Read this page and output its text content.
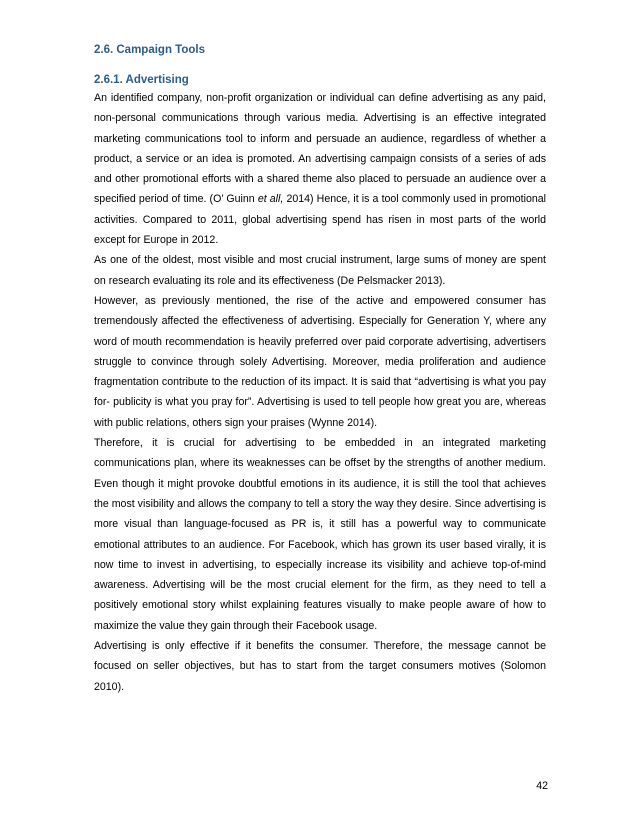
2.6. Campaign Tools
2.6.1. Advertising

An identified company, non-profit organization or individual can define advertising as any paid, non-personal communications through various media. Advertising is an effective integrated marketing communications tool to inform and persuade an audience, regardless of whether a product, a service or an idea is promoted. An advertising campaign consists of a series of ads and other promotional efforts with a shared theme also placed to persuade an audience over a specified period of time. (O’ Guinn et all, 2014) Hence, it is a tool commonly used in promotional activities. Compared to 2011, global advertising spend has risen in most parts of the world except for Europe in 2012.

As one of the oldest, most visible and most crucial instrument, large sums of money are spent on research evaluating its role and its effectiveness (De Pelsmacker 2013).

However, as previously mentioned, the rise of the active and empowered consumer has tremendously affected the effectiveness of advertising. Especially for Generation Y, where any word of mouth recommendation is heavily preferred over paid corporate advertising, advertisers struggle to convince through solely Advertising. Moreover, media proliferation and audience fragmentation contribute to the reduction of its impact. It is said that “advertising is what you pay for- publicity is what you pray for”. Advertising is used to tell people how great you are, whereas with public relations, others sign your praises (Wynne 2014).

Therefore, it is crucial for advertising to be embedded in an integrated marketing communications plan, where its weaknesses can be offset by the strengths of another medium. Even though it might provoke doubtful emotions in its audience, it is still the tool that achieves the most visibility and allows the company to tell a story the way they desire. Since advertising is more visual than language-focused as PR is, it still has a powerful way to communicate emotional attributes to an audience. For Facebook, which has grown its user based virally, it is now time to invest in advertising, to especially increase its visibility and achieve top-of-mind awareness. Advertising will be the most crucial element for the firm, as they need to tell a positively emotional story whilst explaining features visually to make people aware of how to maximize the value they gain through their Facebook usage.

Advertising is only effective if it benefits the consumer. Therefore, the message cannot be focused on seller objectives, but has to start from the target consumers motives (Solomon 2010).

42
